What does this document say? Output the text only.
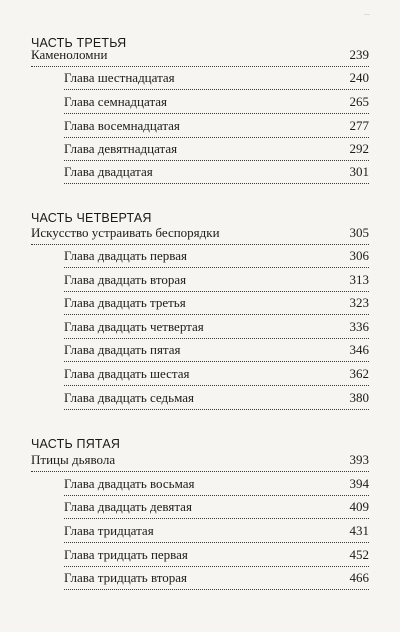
...
ЧАСТЬ ТРЕТЬЯ
Каменоломни	239
Глава шестнадцатая	240
Глава семнадцатая	265
Глава восемнадцатая	277
Глава девятнадцатая	292
Глава двадцатая	301
ЧАСТЬ ЧЕТВЕРТАЯ
Искусство устраивать беспорядки	305
Глава двадцать первая	306
Глава двадцать вторая	313
Глава двадцать третья	323
Глава двадцать четвертая	336
Глава двадцать пятая	346
Глава двадцать шестая	362
Глава двадцать седьмая	380
ЧАСТЬ ПЯТАЯ
Птицы дьявола	393
Глава двадцать восьмая	394
Глава двадцать девятая	409
Глава тридцатая	431
Глава тридцать первая	452
Глава тридцать вторая	466
